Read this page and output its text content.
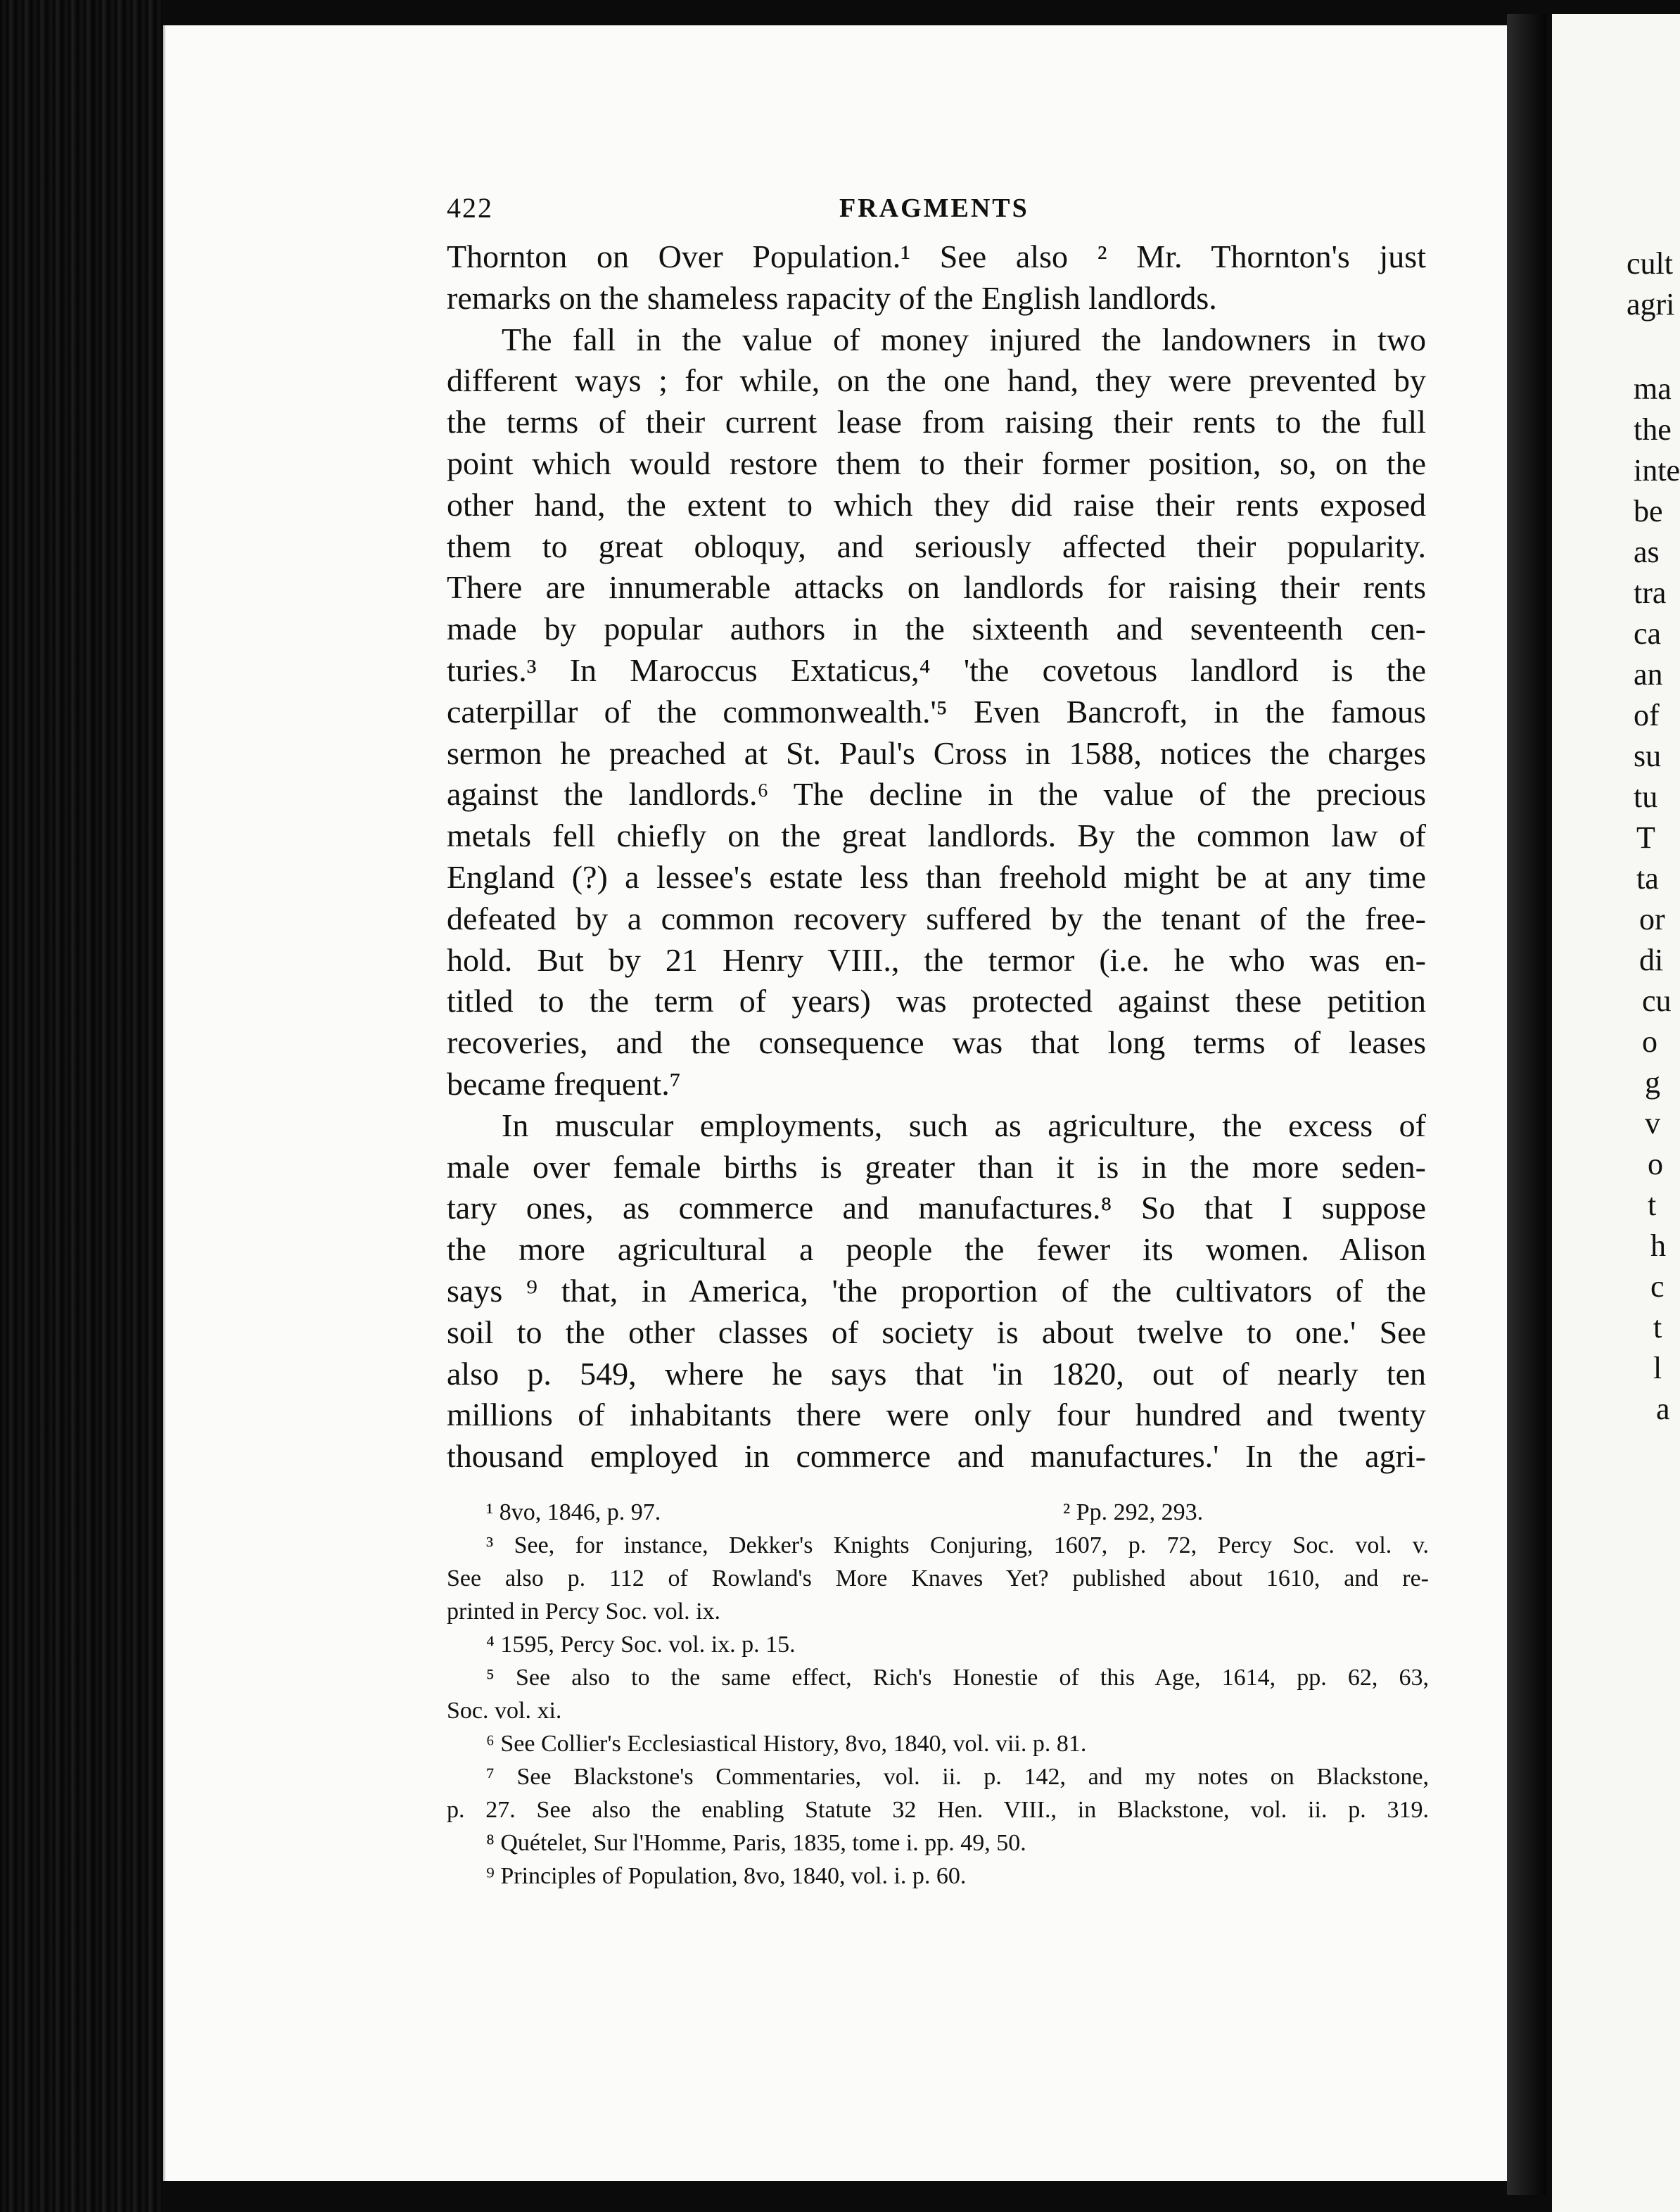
422	FRAGMENTS
Thornton on Over Population.¹ See also ² Mr. Thornton's just
remarks on the shameless rapacity of the English landlords.
The fall in the value of money injured the landowners in two
different ways ; for while, on the one hand, they were prevented by
the terms of their current lease from raising their rents to the full
point which would restore them to their former position, so, on the
other hand, the extent to which they did raise their rents exposed
them to great obloquy, and seriously affected their popularity.
There are innumerable attacks on landlords for raising their rents
made by popular authors in the sixteenth and seventeenth cen-
turies.³ In Maroccus Extaticus,⁴ 'the covetous landlord is the
caterpillar of the commonwealth.'⁵ Even Bancroft, in the famous
sermon he preached at St. Paul's Cross in 1588, notices the charges
against the landlords.⁶ The decline in the value of the precious
metals fell chiefly on the great landlords. By the common law of
England (?) a lessee's estate less than freehold might be at any time
defeated by a common recovery suffered by the tenant of the free-
hold. But by 21 Henry VIII., the termor (i.e. he who was en-
titled to the term of years) was protected against these petition
recoveries, and the consequence was that long terms of leases
became frequent.⁷
In muscular employments, such as agriculture, the excess of
male over female births is greater than it is in the more seden-
tary ones, as commerce and manufactures.⁸ So that I suppose
the more agricultural a people the fewer its women. Alison
says ⁹ that, in America, 'the proportion of the cultivators of the
soil to the other classes of society is about twelve to one.' See
also p. 549, where he says that 'in 1820, out of nearly ten
millions of inhabitants there were only four hundred and twenty
thousand employed in commerce and manufactures.' In the agri-
¹ 8vo, 1846, p. 97.	² Pp. 292, 293.
³ See, for instance, Dekker's Knights Conjuring, 1607, p. 72, Percy Soc. vol. v.
See also p. 112 of Rowland's More Knaves Yet? published about 1610, and re-
printed in Percy Soc. vol. ix.
⁴ 1595, Percy Soc. vol. ix. p. 15.
⁵ See also to the same effect, Rich's Honestie of this Age, 1614, pp. 62, 63,
Soc. vol. xi.
⁶ See Collier's Ecclesiastical History, 8vo, 1840, vol. vii. p. 81.
⁷ See Blackstone's Commentaries, vol. ii. p. 142, and my notes on Blackstone,
p. 27. See also the enabling Statute 32 Hen. VIII., in Blackstone, vol. ii. p. 319.
⁸ Quételet, Sur l'Homme, Paris, 1835, tome i. pp. 49, 50.
⁹ Principles of Population, 8vo, 1840, vol. i. p. 60.
cult
agri
ma
the
inte
be
as
tra
ca
an
of
su
tu
T
ta
or
di
cu
o
g
v
o
t
h
c
t
l
a
